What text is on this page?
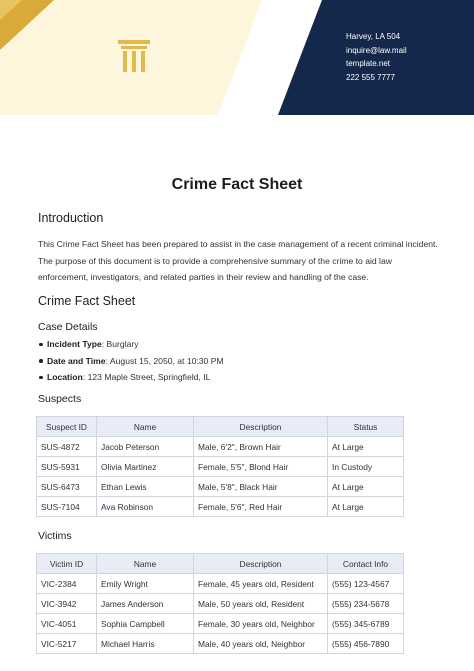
Harvey, LA 504
inquire@law.mail
template.net
222 555 7777
Crime Fact Sheet
Introduction
This Crime Fact Sheet has been prepared to assist in the case management of a recent criminal incident. The purpose of this document is to provide a comprehensive summary of the crime to aid law enforcement, investigators, and related parties in their review and handling of the case.
Crime Fact Sheet
Case Details
Incident Type: Burglary
Date and Time: August 15, 2050, at 10:30 PM
Location: 123 Maple Street, Springfield, IL
Suspects
Suspect ID	Name	Description	Status
SUS-4872	Jacob Peterson	Male, 6'2", Brown Hair	At Large
SUS-5931	Olivia Martinez	Female, 5'5", Blond Hair	In Custody
SUS-6473	Ethan Lewis	Male, 5'8", Black Hair	At Large
SUS-7104	Ava Robinson	Female, 5'6", Red Hair	At Large
Victims
Victim ID	Name	Description	Contact Info
VIC-2384	Emily Wright	Female, 45 years old, Resident	(555) 123-4567
VIC-3942	James Anderson	Male, 50 years old, Resident	(555) 234-5678
VIC-4051	Sophia Campbell	Female, 30 years old, Neighbor	(555) 345-6789
VIC-5217	Michael Harris	Male, 40 years old, Neighbor	(555) 456-7890
